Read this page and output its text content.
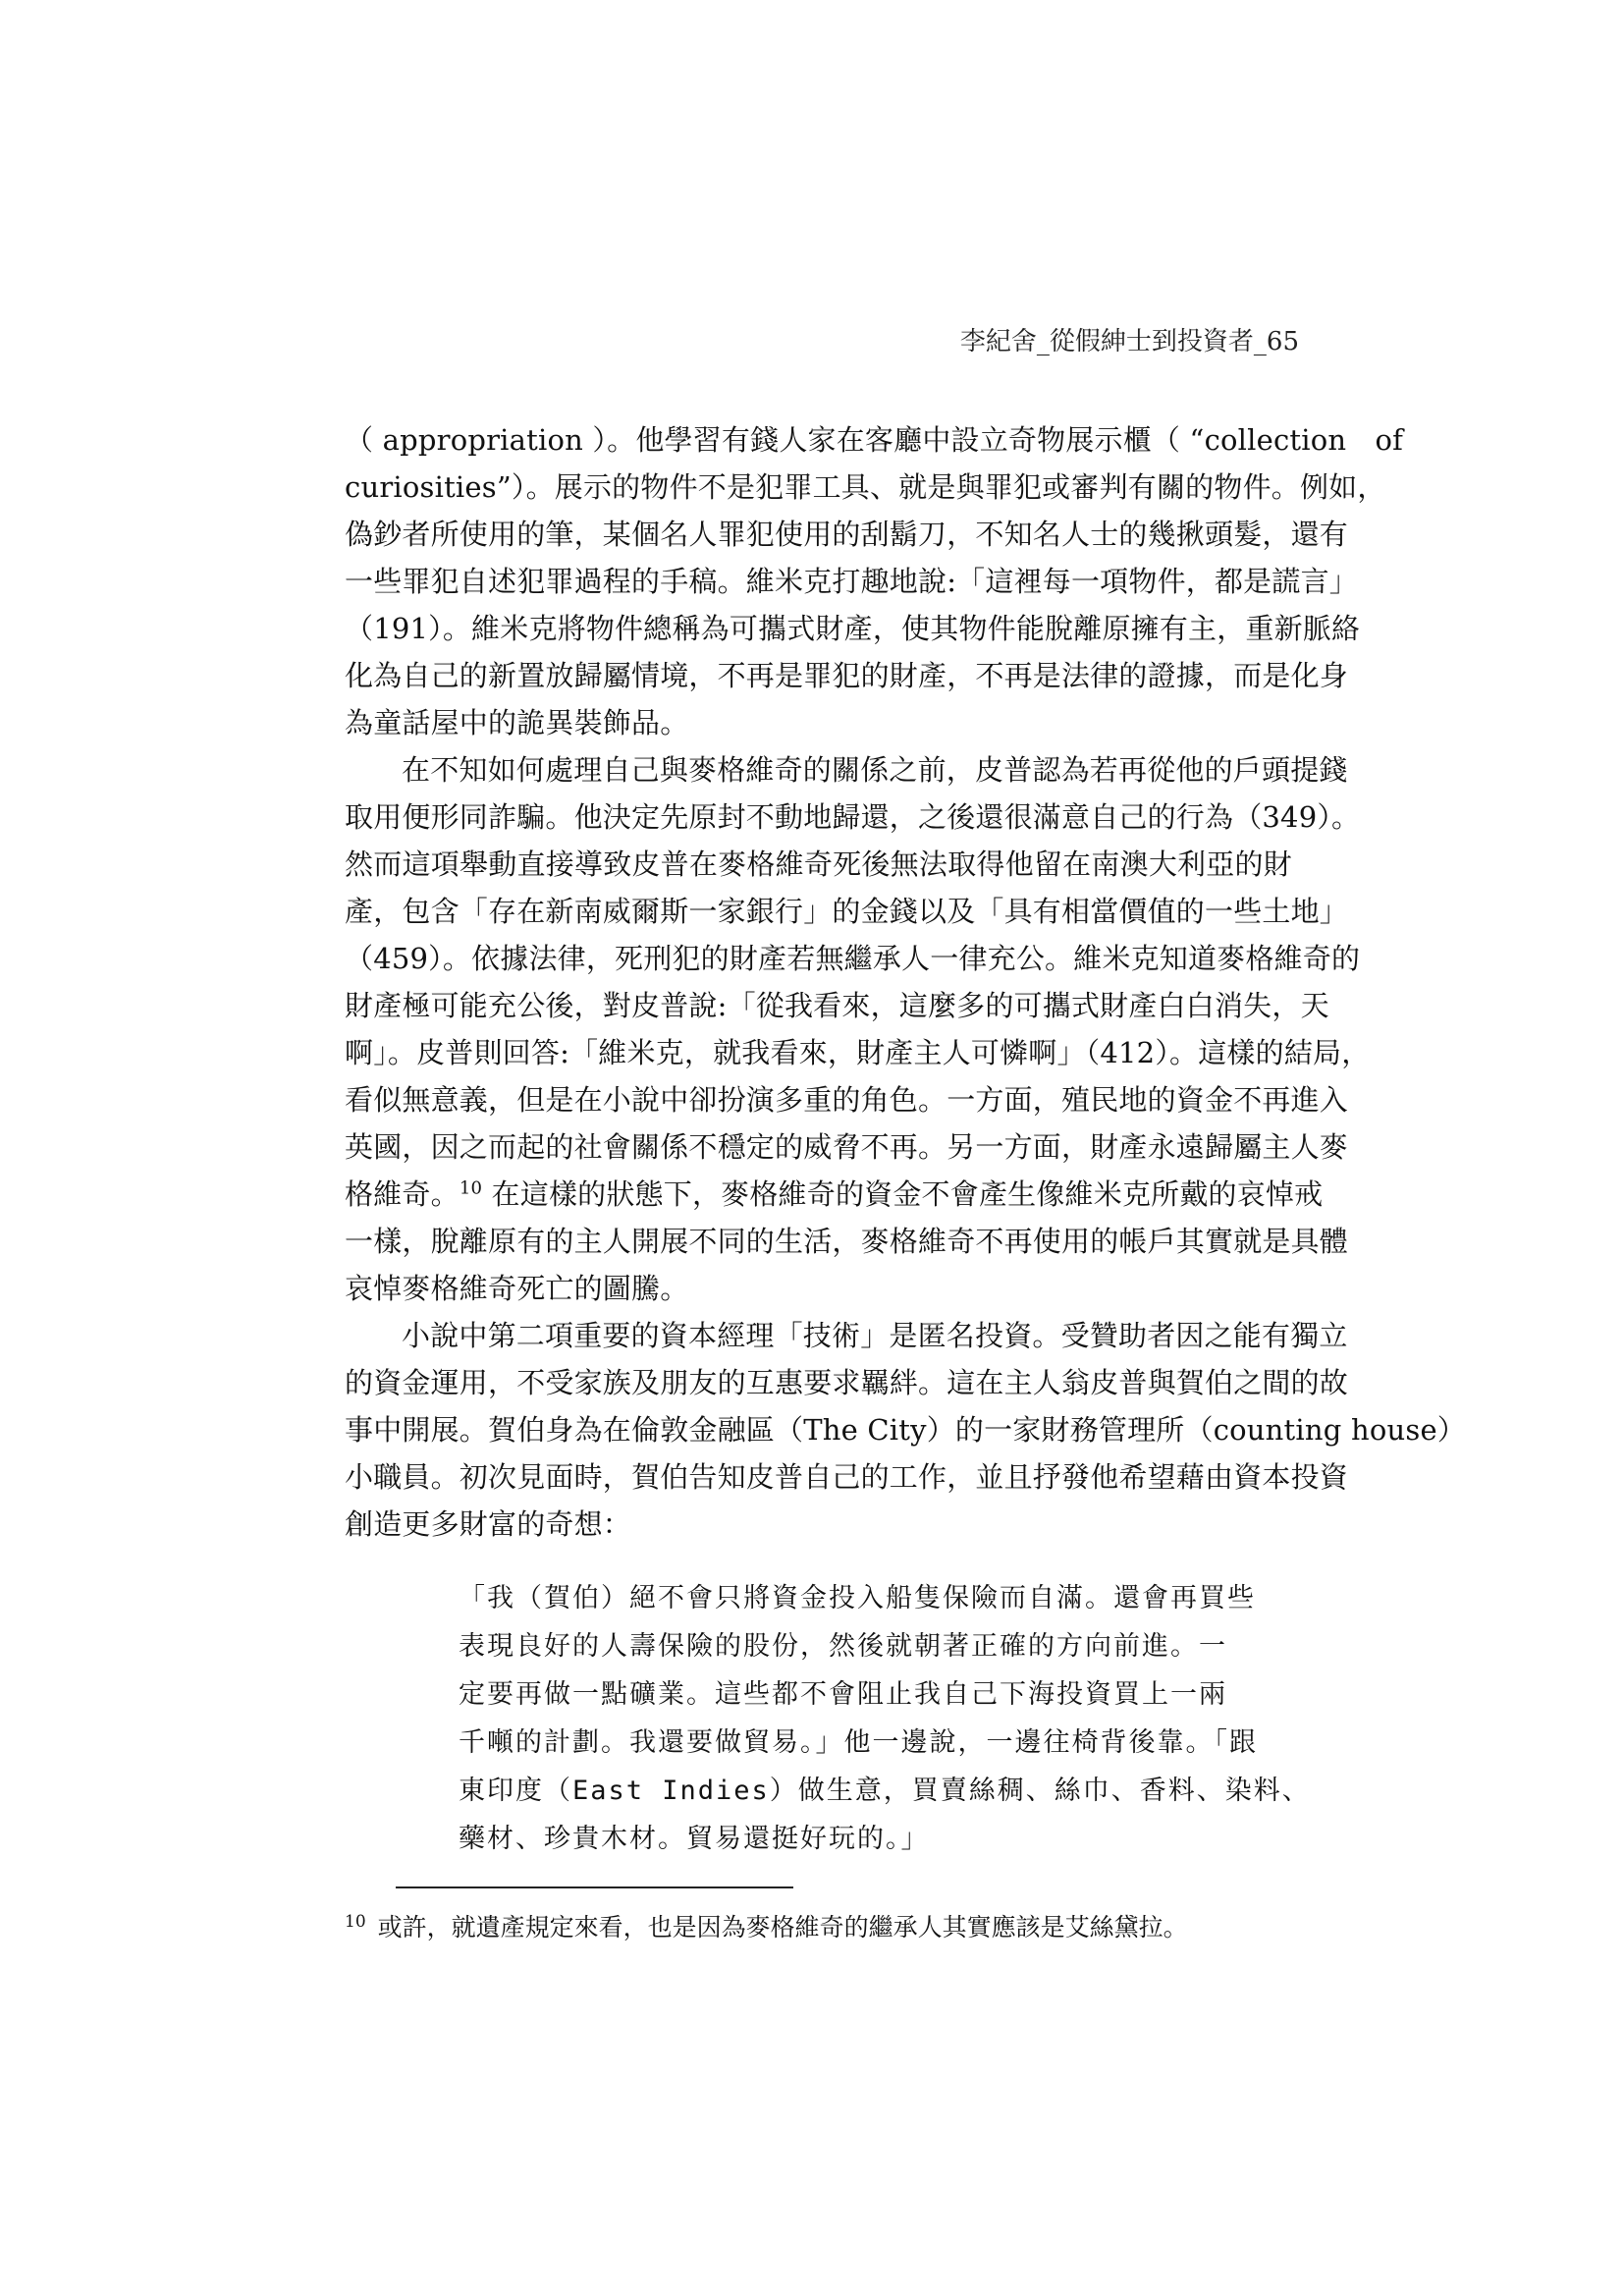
李紀舍_從假紳士到投資者_65
（ appropriation ）。他學習有錢人家在客廳中設立奇物展示櫃（ “collection　of
curiosities”）。展示的物件不是犯罪工具、就是與罪犯或審判有關的物件。例如，
偽鈔者所使用的筆，某個名人罪犯使用的刮鬍刀，不知名人士的幾揪頭髮，還有
一些罪犯自述犯罪過程的手稿。維米克打趣地說:「這裡每一項物件，都是謊言」
（191）。維米克將物件總稱為可攜式財產，使其物件能脫離原擁有主，重新脈絡
化為自己的新置放歸屬情境，不再是罪犯的財產，不再是法律的證據，而是化身
為童話屋中的詭異裝飾品。
在不知如何處理自己與麥格維奇的關係之前，皮普認為若再從他的戶頭提錢
取用便形同詐騙。他決定先原封不動地歸還，之後還很滿意自己的行為（349）。
然而這項舉動直接導致皮普在麥格維奇死後無法取得他留在南澳大利亞的財
產，包含「存在新南威爾斯一家銀行」的金錢以及「具有相當價值的一些土地」
（459）。依據法律，死刑犯的財產若無繼承人一律充公。維米克知道麥格維奇的
財產極可能充公後，對皮普說:「從我看來，這麼多的可攜式財產白白消失，天
啊」。皮普則回答:「維米克，就我看來，財產主人可憐啊」（412）。這樣的結局，
看似無意義，但是在小說中卻扮演多重的角色。一方面，殖民地的資金不再進入
英國，因之而起的社會關係不穩定的威脅不再。另一方面，財產永遠歸屬主人麥
格維奇。$^{10}$ 在這樣的狀態下，麥格維奇的資金不會產生像維米克所戴的哀悼戒
一樣，脫離原有的主人開展不同的生活，麥格維奇不再使用的帳戶其實就是具體
哀悼麥格維奇死亡的圖騰。
小說中第二項重要的資本經理「技術」是匿名投資。受贊助者因之能有獨立
的資金運用，不受家族及朋友的互惠要求羈絆。這在主人翁皮普與賀伯之間的故
事中開展。賀伯身為在倫敦金融區（The City）的一家財務管理所（counting house）
小職員。初次見面時，賀伯告知皮普自己的工作，並且抒發他希望藉由資本投資
創造更多財富的奇想：
「我（賀伯）絕不會只將資金投入船隻保險而自滿。還會再買些
表現良好的人壽保險的股份，然後就朝著正確的方向前進。一
定要再做一點礦業。這些都不會阻止我自己下海投資買上一兩
千噸的計劃。我還要做貿易。」他一邊說，一邊往椅背後靠。「跟
東印度（East Indies）做生意，買賣絲稠、絲巾、香料、染料、
藥材、珍貴木材。貿易還挺好玩的。」
$^{10}$ 或許，就遺產規定來看，也是因為麥格維奇的繼承人其實應該是艾絲黛拉。
